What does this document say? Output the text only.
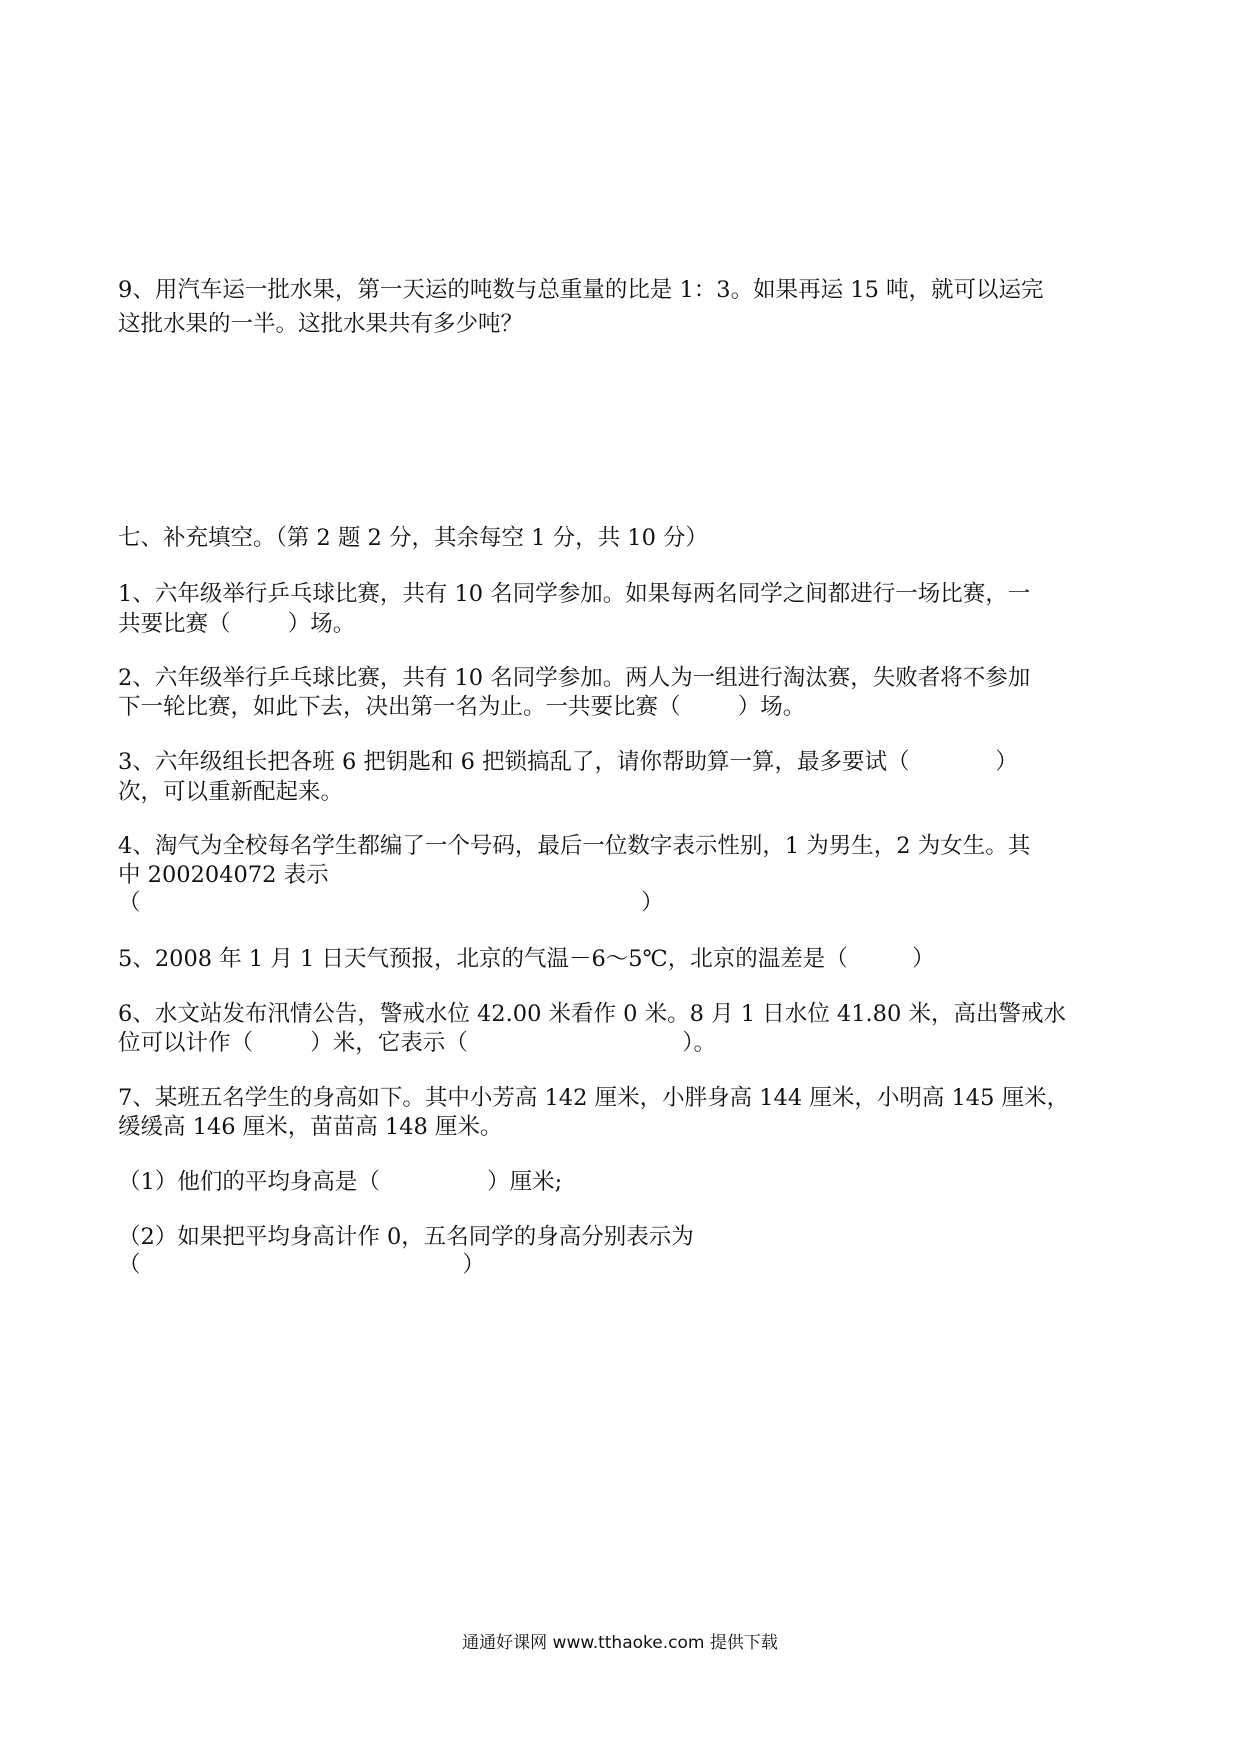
9、用汽车运一批水果，第一天运的吨数与总重量的比是 1：3。如果再运 15 吨，就可以运完

这批水果的一半。这批水果共有多少吨？

七、补充填空。（第 2 题 2 分，其余每空 1 分，共 10 分）

1、六年级举行乒乓球比赛，共有 10 名同学参加。如果每两名同学之间都进行一场比赛，一

共要比赛（        ）场。

2、六年级举行乒乓球比赛，共有 10 名同学参加。两人为一组进行淘汰赛，失败者将不参加

下一轮比赛，如此下去，决出第一名为止。一共要比赛（        ）场。

3、六年级组长把各班 6 把钥匙和 6 把锁搞乱了，请你帮助算一算，最多要试（            ）

次，可以重新配起来。

4、淘气为全校每名学生都编了一个号码，最后一位数字表示性别，1 为男生，2 为女生。其

中 200204072 表示

（                                                                      ）

5、2008 年 1 月 1 日天气预报，北京的气温－6～5℃，北京的温差是（         ）

6、水文站发布汛情公告，警戒水位 42.00 米看作 0 米。8 月 1 日水位 41.80 米，高出警戒水

位可以计作（        ）米，它表示（                              ）。

7、某班五名学生的身高如下。其中小芳高 142 厘米，小胖身高 144 厘米，小明高 145 厘米，

缓缓高 146 厘米，苗苗高 148 厘米。

（1）他们的平均身高是（               ）厘米;

（2）如果把平均身高计作 0，五名同学的身高分别表示为

（                                             ）

通通好课网 www.tthaoke.com 提供下载
